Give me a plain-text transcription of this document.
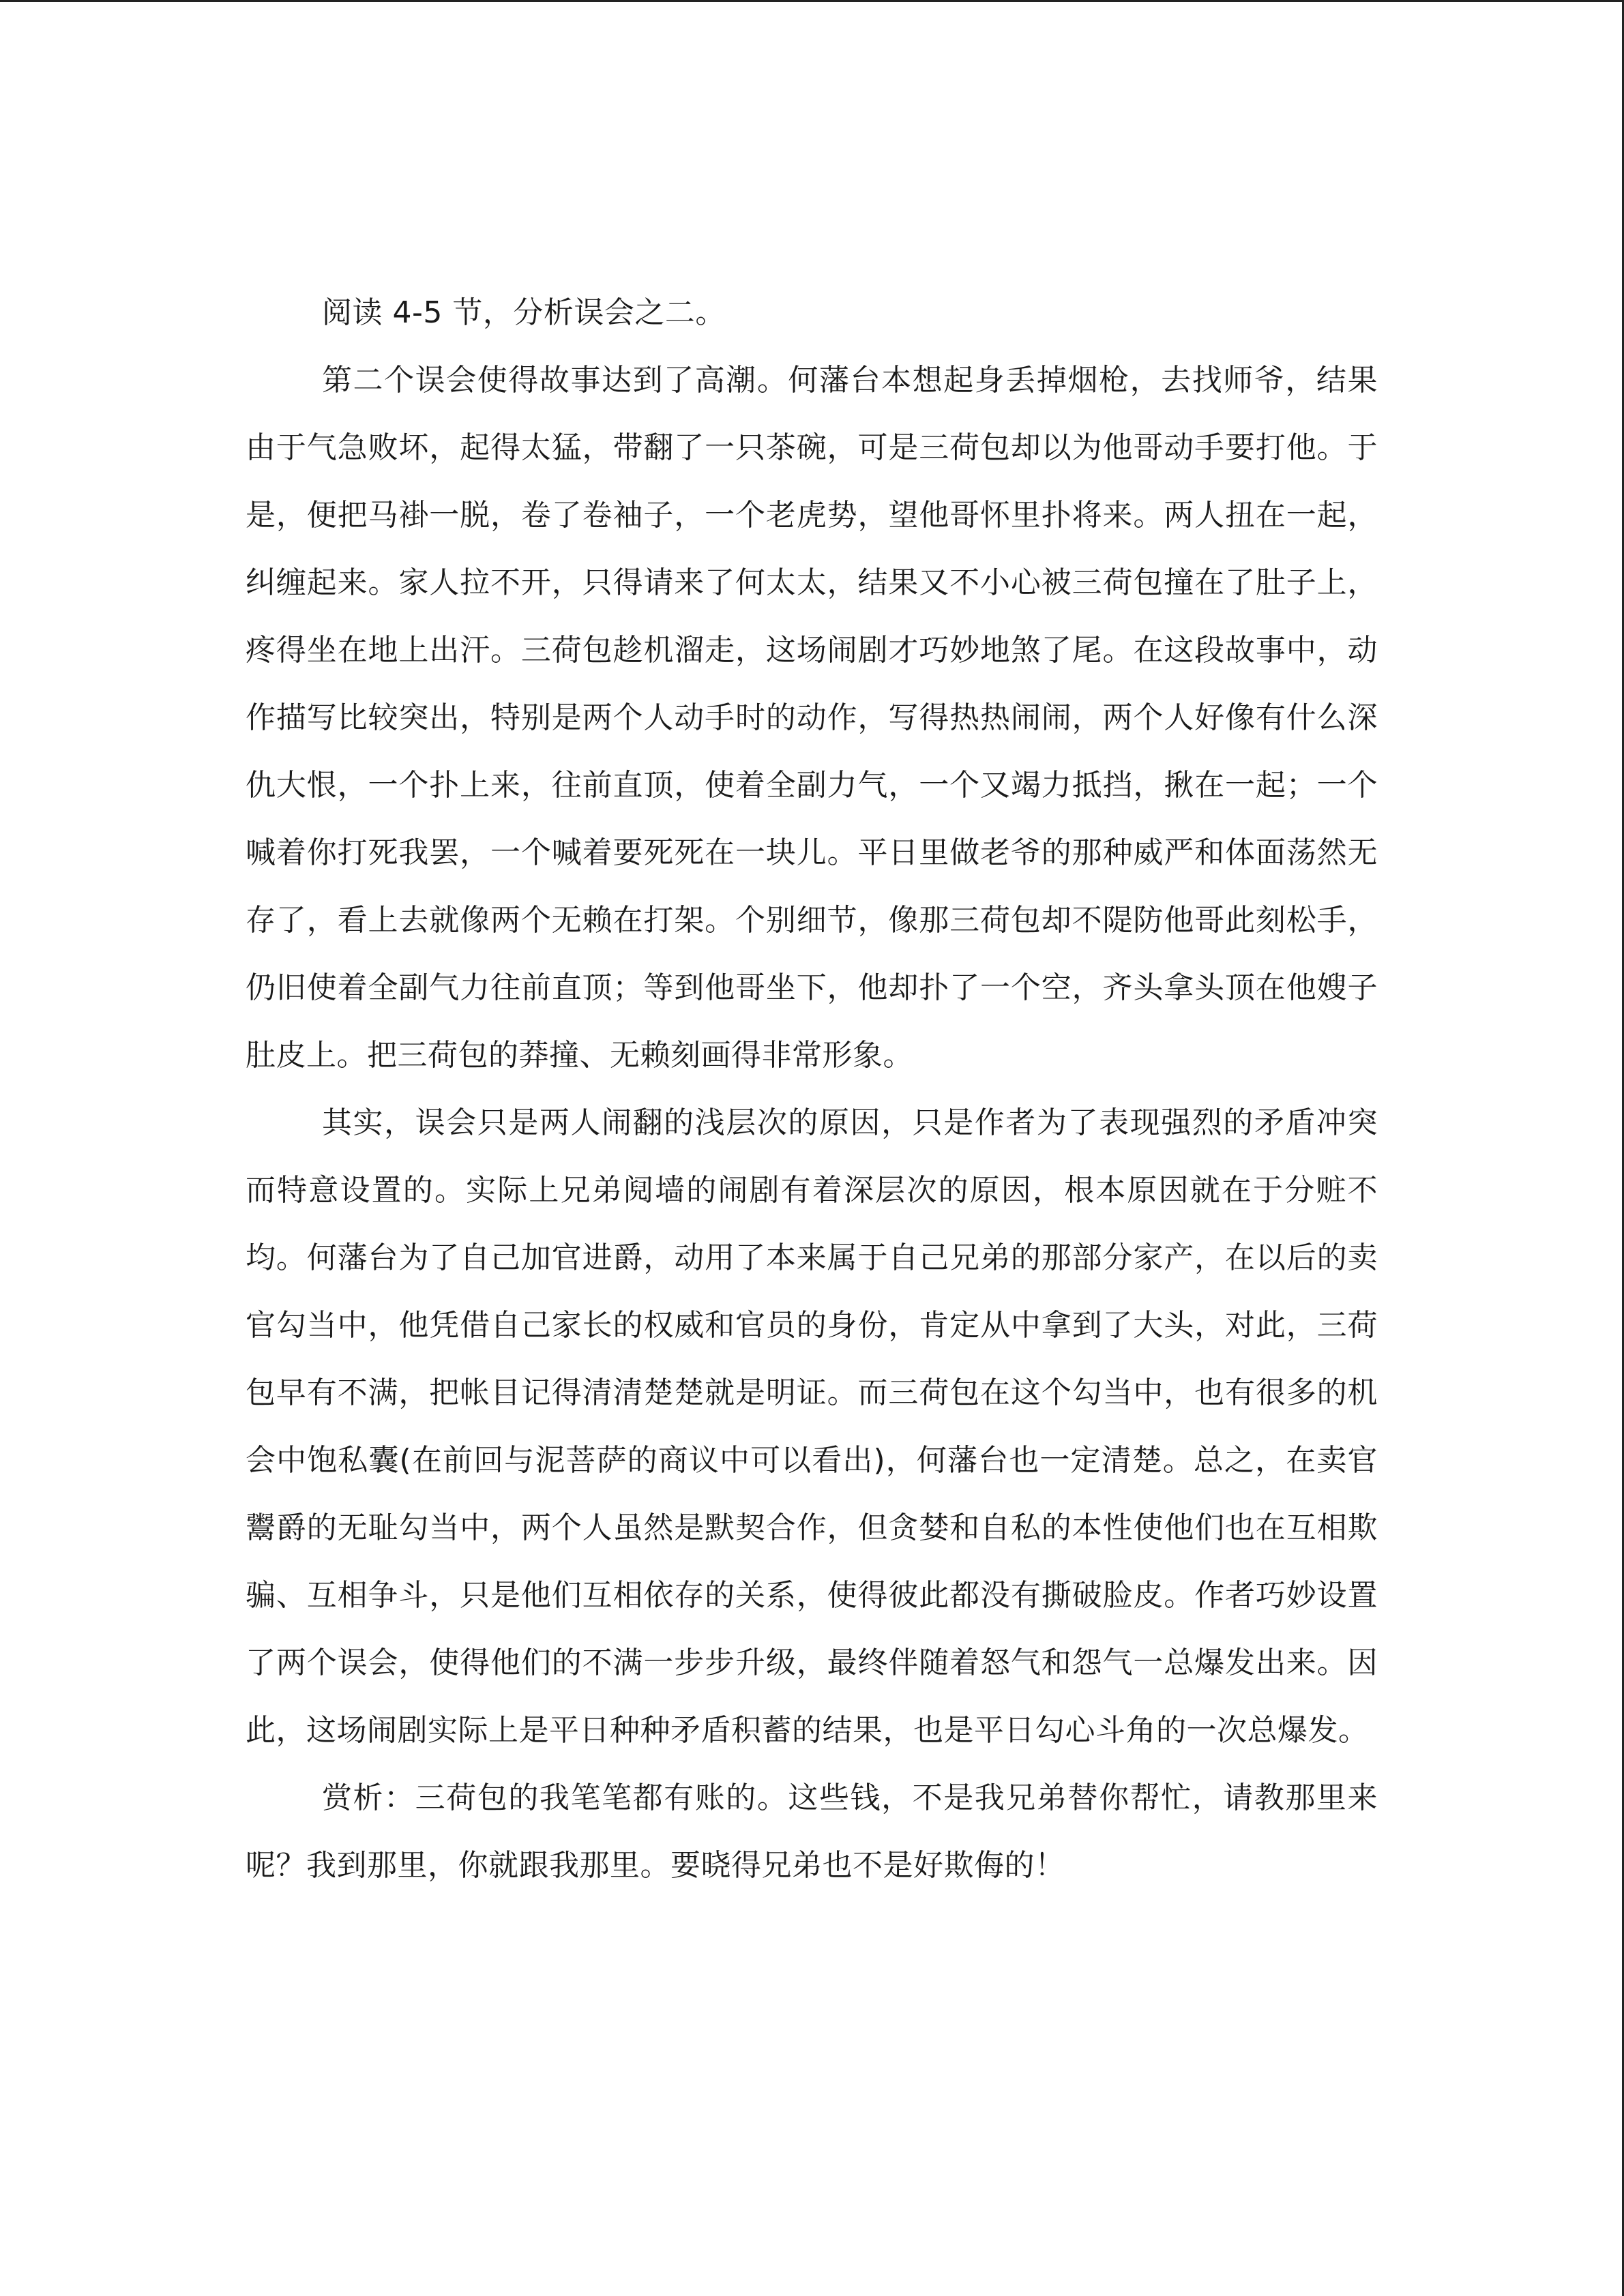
阅读 4-5 节，分析误会之二。

第二个误会使得故事达到了高潮。何藩台本想起身丢掉烟枪，去找师爷，结果由于气急败坏，起得太猛，带翻了一只茶碗，可是三荷包却以为他哥动手要打他。于是，便把马褂一脱，卷了卷袖子，一个老虎势，望他哥怀里扑将来。两人扭在一起，纠缠起来。家人拉不开，只得请来了何太太，结果又不小心被三荷包撞在了肚子上，疼得坐在地上出汗。三荷包趁机溜走，这场闹剧才巧妙地煞了尾。在这段故事中，动作描写比较突出，特别是两个人动手时的动作，写得热热闹闹，两个人好像有什么深仇大恨，一个扑上来，往前直顶，使着全副力气，一个又竭力抵挡，揪在一起；一个喊着你打死我罢，一个喊着要死死在一块儿。平日里做老爷的那种威严和体面荡然无存了，看上去就像两个无赖在打架。个别细节，像那三荷包却不隄防他哥此刻松手，仍旧使着全副气力往前直顶；等到他哥坐下，他却扑了一个空，齐头拿头顶在他嫂子肚皮上。把三荷包的莽撞、无赖刻画得非常形象。

其实，误会只是两人闹翻的浅层次的原因，只是作者为了表现强烈的矛盾冲突而特意设置的。实际上兄弟阋墙的闹剧有着深层次的原因，根本原因就在于分赃不均。何藩台为了自己加官进爵，动用了本来属于自己兄弟的那部分家产，在以后的卖官勾当中，他凭借自己家长的权威和官员的身份，肯定从中拿到了大头，对此，三荷包早有不满，把帐目记得清清楚楚就是明证。而三荷包在这个勾当中，也有很多的机会中饱私囊(在前回与泥菩萨的商议中可以看出)，何藩台也一定清楚。总之，在卖官鬻爵的无耻勾当中，两个人虽然是默契合作，但贪婪和自私的本性使他们也在互相欺骗、互相争斗，只是他们互相依存的关系，使得彼此都没有撕破脸皮。作者巧妙设置了两个误会，使得他们的不满一步步升级，最终伴随着怒气和怨气一总爆发出来。因此，这场闹剧实际上是平日种种矛盾积蓄的结果，也是平日勾心斗角的一次总爆发。

赏析：三荷包的我笔笔都有账的。这些钱，不是我兄弟替你帮忙，请教那里来呢？我到那里，你就跟我那里。要晓得兄弟也不是好欺侮的！
